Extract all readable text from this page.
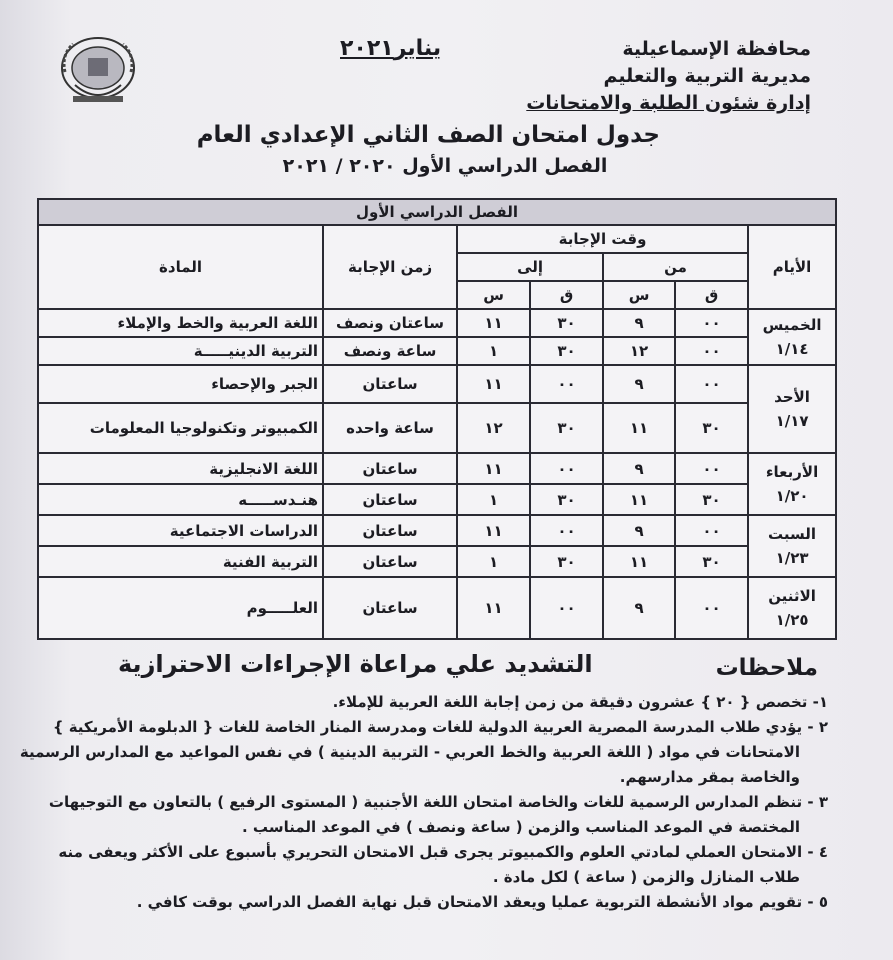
محافظة الإسماعيلية
مديرية التربية والتعليم
إدارة شئون الطلبة والامتحانات
يناير٢٠٢١
جدول امتحان الصف الثاني الإعدادي العام
الفصل الدراسي الأول ٢٠٢٠ / ٢٠٢١
الفصل الدراسي الأول						
الأيام	وقت الإجابة				زمن الإجابة	المادة
	من		إلى			
	ق	س	ق	س		

الخميس
١/١٤	٠٠	٩	٣٠	١١	ساعتان ونصف	اللغة العربية والخط والإملاء
	٠٠	١٢	٣٠	١	ساعة ونصف	التربية الدينيـــــة

الأحد
١/١٧	٠٠	٩	٠٠	١١	ساعتان	الجبر والإحصاء
	٣٠	١١	٣٠	١٢	ساعة واحده	الكمبيوتر وتكنولوجيا المعلومات

الأربعاء
١/٢٠	٠٠	٩	٠٠	١١	ساعتان	اللغة الانجليزية
	٣٠	١١	٣٠	١	ساعتان	هنـدســـــه

السبت
١/٢٣	٠٠	٩	٠٠	١١	ساعتان	الدراسات الاجتماعية
	٣٠	١١	٣٠	١	ساعتان	التربية الفنية

الاثنين
١/٢٥	٠٠	٩	٠٠	١١	ساعتان	العلـــــوم
التشديد علي مراعاة الإجراءات الاحترازية	ملاحظات
١- تخصص { ٢٠ } عشرون دقيقة من زمن إجابة اللغة العربية للإملاء.
٢ - يؤدي طلاب المدرسة المصرية العربية الدولية للغات ومدرسة المنار الخاصة للغات { الدبلومة الأمريكية }
الامتحانات في مواد ( اللغة العربية والخط العربي - التربية الدينية ) في نفس المواعيد مع المدارس الرسمية
والخاصة بمقر مدارسهم.
٣ - تنظم المدارس الرسمية للغات والخاصة امتحان اللغة الأجنبية ( المستوى الرفيع ) بالتعاون مع التوجيهات
المختصة في الموعد المناسب والزمن ( ساعة ونصف ) في الموعد المناسب .
٤ - الامتحان العملي لمادتي العلوم والكمبيوتر يجرى قبل الامتحان التحريري بأسبوع على الأكثر ويعفى منه
طلاب المنازل والزمن ( ساعة ) لكل مادة .
٥ - تقويم مواد الأنشطة التربوية عمليا ويعقد الامتحان قبل نهاية الفصل الدراسي بوقت كافي .
